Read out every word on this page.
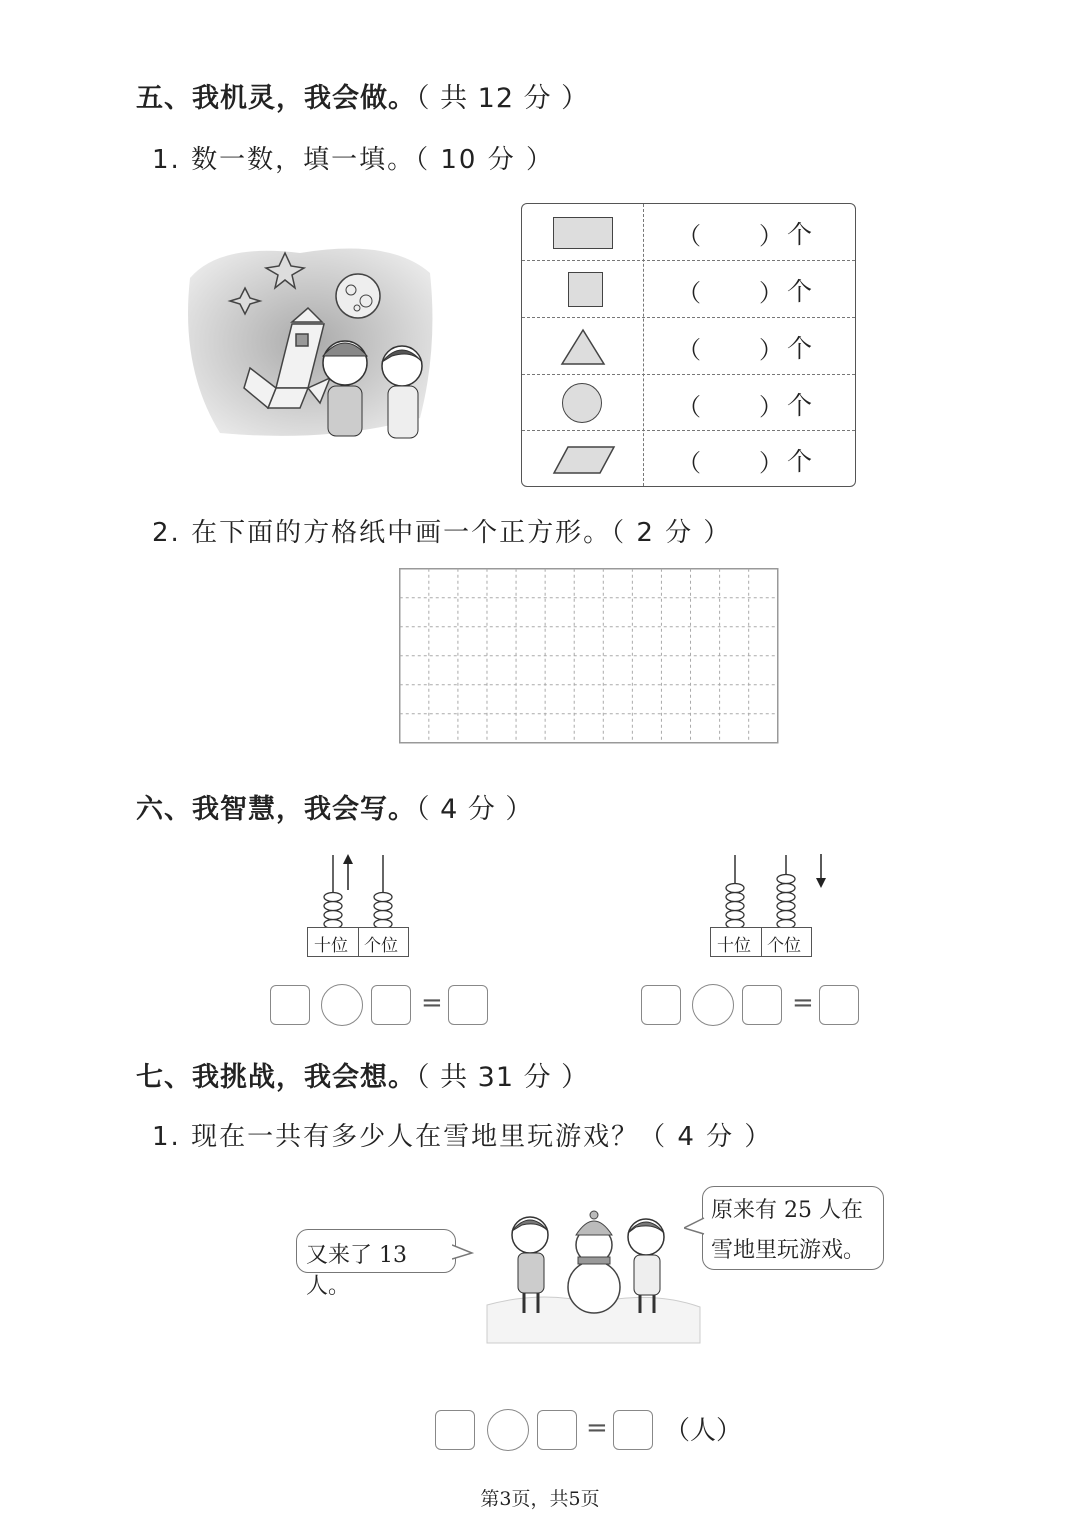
五、我机灵，我会做。（ 共 12 分 ）
1. 数一数，填一填。（ 10 分 ）
（ ） 个
（ ） 个
（ ） 个
（ ） 个
（ ） 个
2. 在下面的方格纸中画一个正方形。（ 2 分 ）
六、我智慧，我会写。（ 4 分 ）
十位 个位	十位 个位
=	=
七、我挑战，我会想。（ 共 31 分 ）
1. 现在一共有多少人在雪地里玩游戏？（ 4 分 ）
又来了 13 人。
原来有 25 人在
雪地里玩游戏。
= （人）
第3页，共5页
